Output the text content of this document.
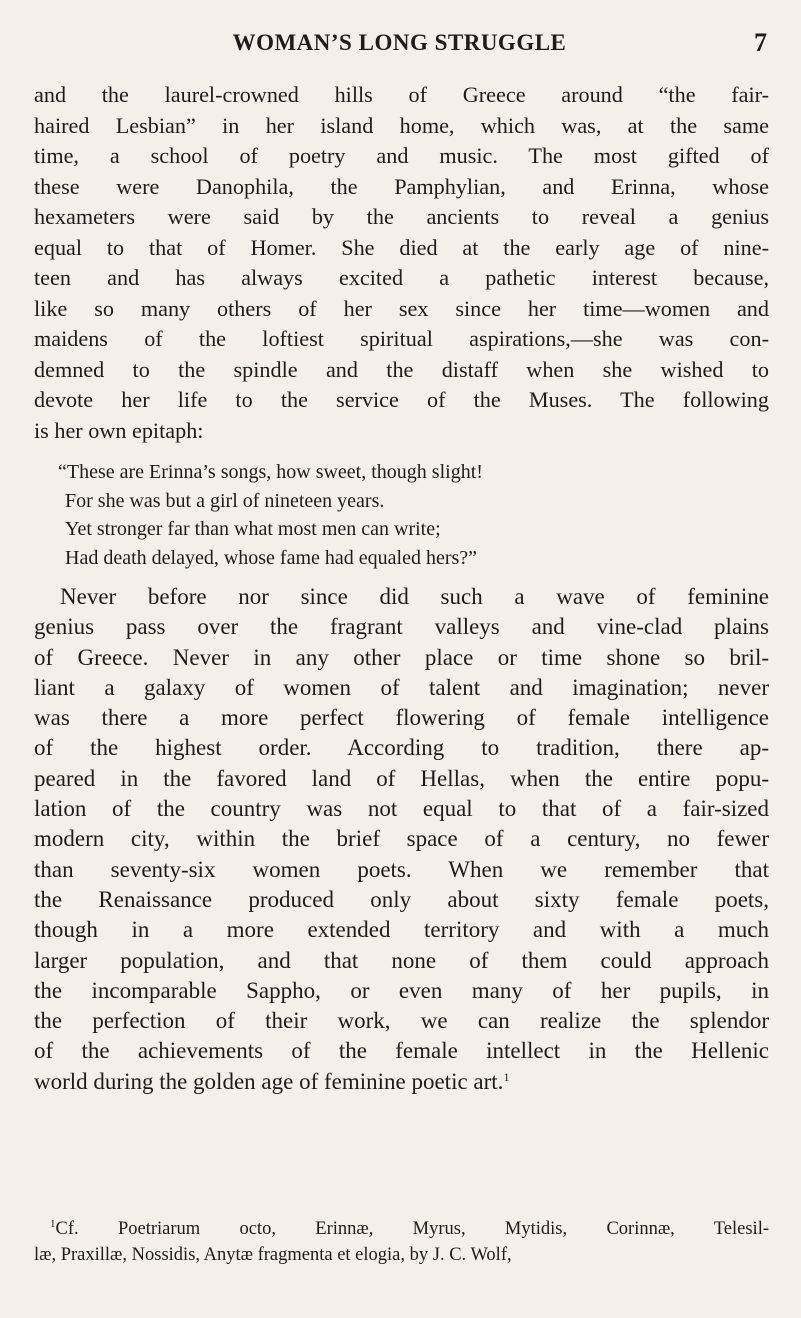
WOMAN’S LONG STRUGGLE	7

and the laurel-crowned hills of Greece around “the fair-
haired Lesbian” in her island home, which was, at the same
time, a school of poetry and music. The most gifted of
these were Danophila, the Pamphylian, and Erinna, whose
hexameters were said by the ancients to reveal a genius
equal to that of Homer. She died at the early age of nine-
teen and has always excited a pathetic interest because,
like so many others of her sex since her time—women and
maidens of the loftiest spiritual aspirations,—she was con-
demned to the spindle and the distaff when she wished to
devote her life to the service of the Muses. The following
is her own epitaph:

“These are Erinna’s songs, how sweet, though slight!
For she was but a girl of nineteen years.
Yet stronger far than what most men can write;
Had death delayed, whose fame had equaled hers?”

Never before nor since did such a wave of feminine
genius pass over the fragrant valleys and vine-clad plains
of Greece. Never in any other place or time shone so bril-
liant a galaxy of women of talent and imagination; never
was there a more perfect flowering of female intelligence
of the highest order. According to tradition, there ap-
peared in the favored land of Hellas, when the entire popu-
lation of the country was not equal to that of a fair-sized
modern city, within the brief space of a century, no fewer
than seventy-six women poets. When we remember that
the Renaissance produced only about sixty female poets,
though in a more extended territory and with a much
larger population, and that none of them could approach
the incomparable Sappho, or even many of her pupils, in
the perfection of their work, we can realize the splendor
of the achievements of the female intellect in the Hellenic
world during the golden age of feminine poetic art.$^1$

$^1$Cf. Poetriarum octo, Erinnæ, Myrus, Mytidis, Corinnæ, Telesil-
læ, Praxillæ, Nossidis, Anytæ fragmenta et elogia, by J. C. Wolf,
